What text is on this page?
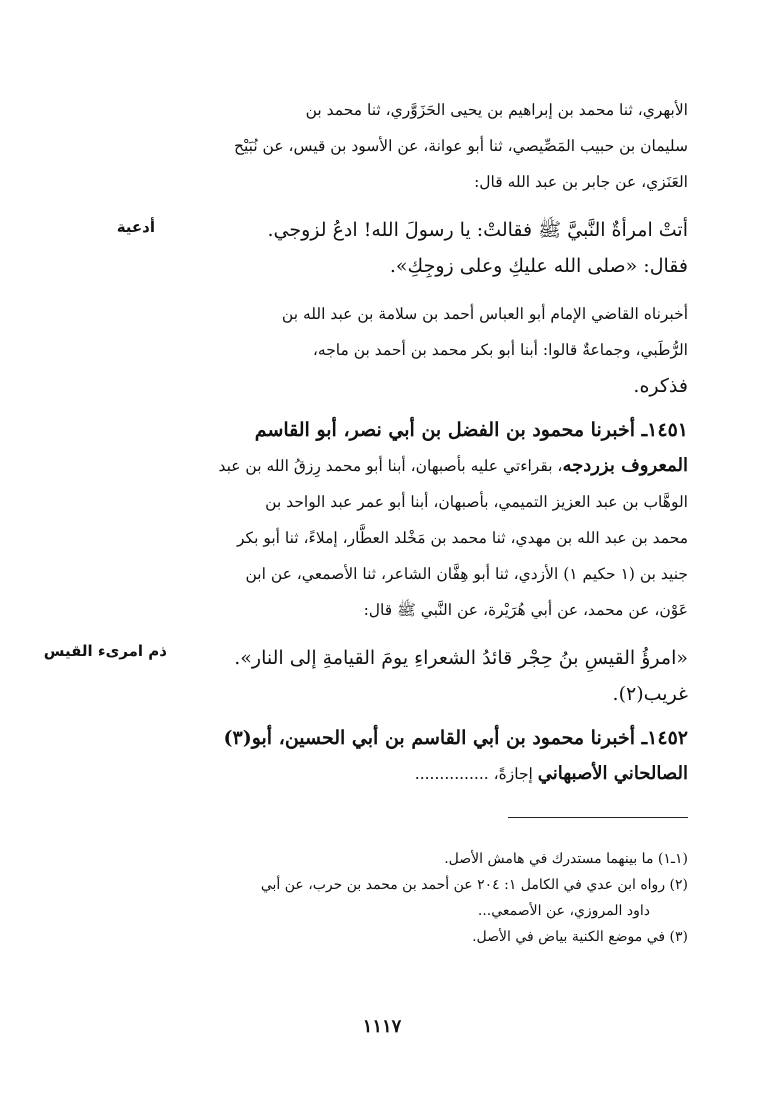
الأبهري، ثنا محمد بن إبراهيم بن يحيى الحَزَوَّري، ثنا محمد بن
سليمان بن حبيب المَصِّيصي، ثنا أبو عوانة، عن الأسود بن قيس، عن نُبَيْح
العَنَزي، عن جابر بن عبد الله قال:
أتتْ امرأةٌ النَّبيَّ ﷺ فقالتْ: يا رسولَ الله! ادعُ لزوجي.
فقال: «صلى الله عليكِ وعلى زوجِكِ».
أخبرناه القاضي الإمام أبو العباس أحمد بن سلامة بن عبد الله بن
الرُّطَبي، وجماعةٌ قالوا: أبنا أبو بكر محمد بن أحمد بن ماجه،
فذكره.
١٤٥١ـ أخبرنا محمود بن الفضل بن أبي نصر، أبو القاسم
المعروف بزردجه، بقراءتي عليه بأصبهان، أبنا أبو محمد رِزقُ الله بن عبد
الوهَّاب بن عبد العزيز التميمي، بأصبهان، أبنا أبو عمر عبد الواحد بن
محمد بن عبد الله بن مهدي، ثنا محمد بن مَخْلد العطَّار، إملاءً، ثنا أبو بكر
جنيد بن (١ حكيم ١) الأزدي، ثنا أبو هِفَّان الشاعر، ثنا الأصمعي، عن ابن
عَوْن، عن محمد، عن أبي هُرَيْرة، عن النَّبي ﷺ قال:
«امرؤُ القيسِ بنُ حِجْر قائدُ الشعراءِ يومَ القيامةِ إلى النار».
غريب(٢).
١٤٥٢ـ أخبرنا محمود بن أبي القاسم بن أبي الحسين، أبو(٣)
الصالحاني الأصبهاني إجازةً، ...............
أدعية
ذم امرىء القيس
(١ـ١) ما بينهما مستدرك في هامش الأصل.
(٢) رواه ابن عدي في الكامل ١: ٢٠٤ عن أحمد بن محمد بن حرب، عن أبي
داود المروزي، عن الأصمعي...
(٣) في موضع الكنية بياض في الأصل.
١١١٧
